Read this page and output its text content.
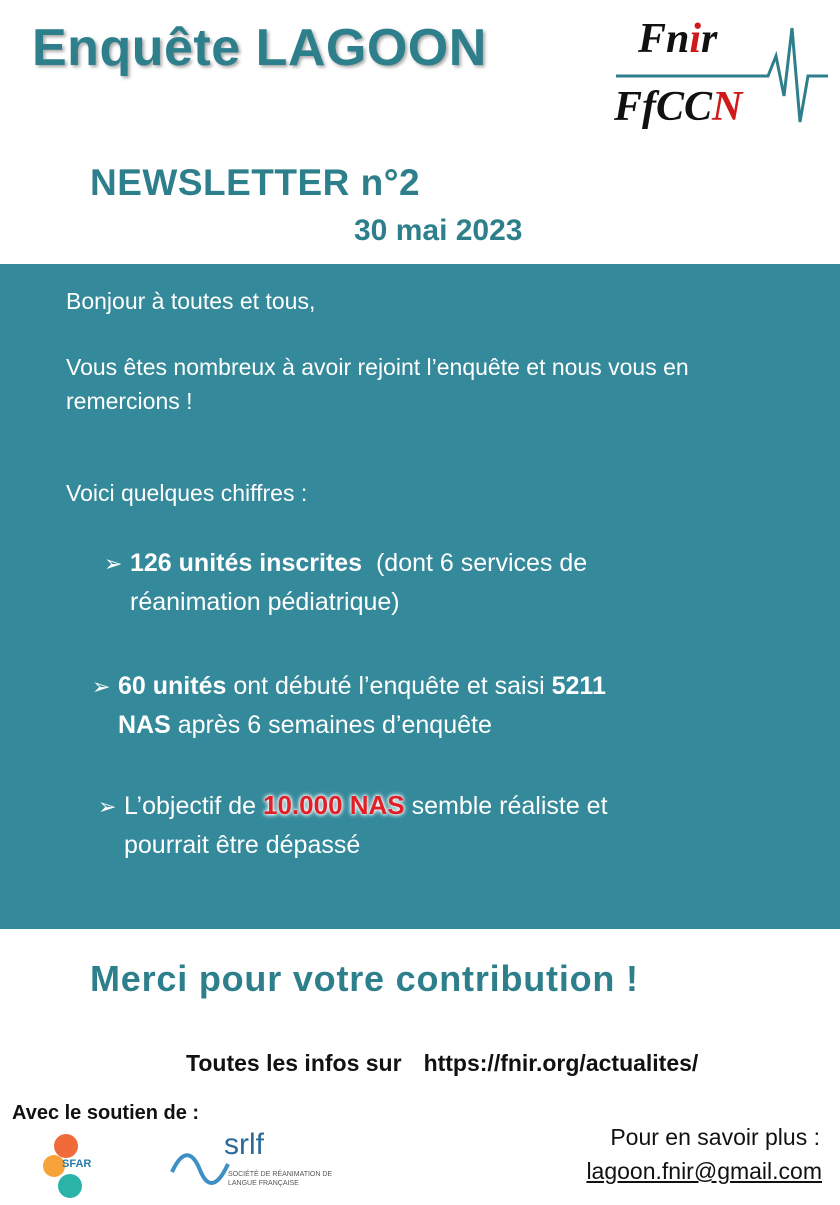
Enquête LAGOON	Fnir
FfCCN
NEWSLETTER n°2

30 mai 2023

Bonjour à toutes et tous,

Vous êtes nombreux à avoir rejoint l’enquête et nous vous en remercions !

Voici quelques chiffres :

➢ 126 unités inscrites (dont 6 services de
réanimation pédiatrique)

➢ 60 unités ont débuté l’enquête et saisi 5211
NAS après 6 semaines d’enquête

➢ L’objectif de 10.000 NAS semble réaliste et
pourrait être dépassé

Merci pour votre contribution !

Toutes les infos sur https://fnir.org/actualites/

Avec le soutien de :

SFAR
srlf
SOCIÉTÉ DE RÉANIMATION DE LANGUE FRANÇAISE

Pour en savoir plus :

lagoon.fnir@gmail.com
